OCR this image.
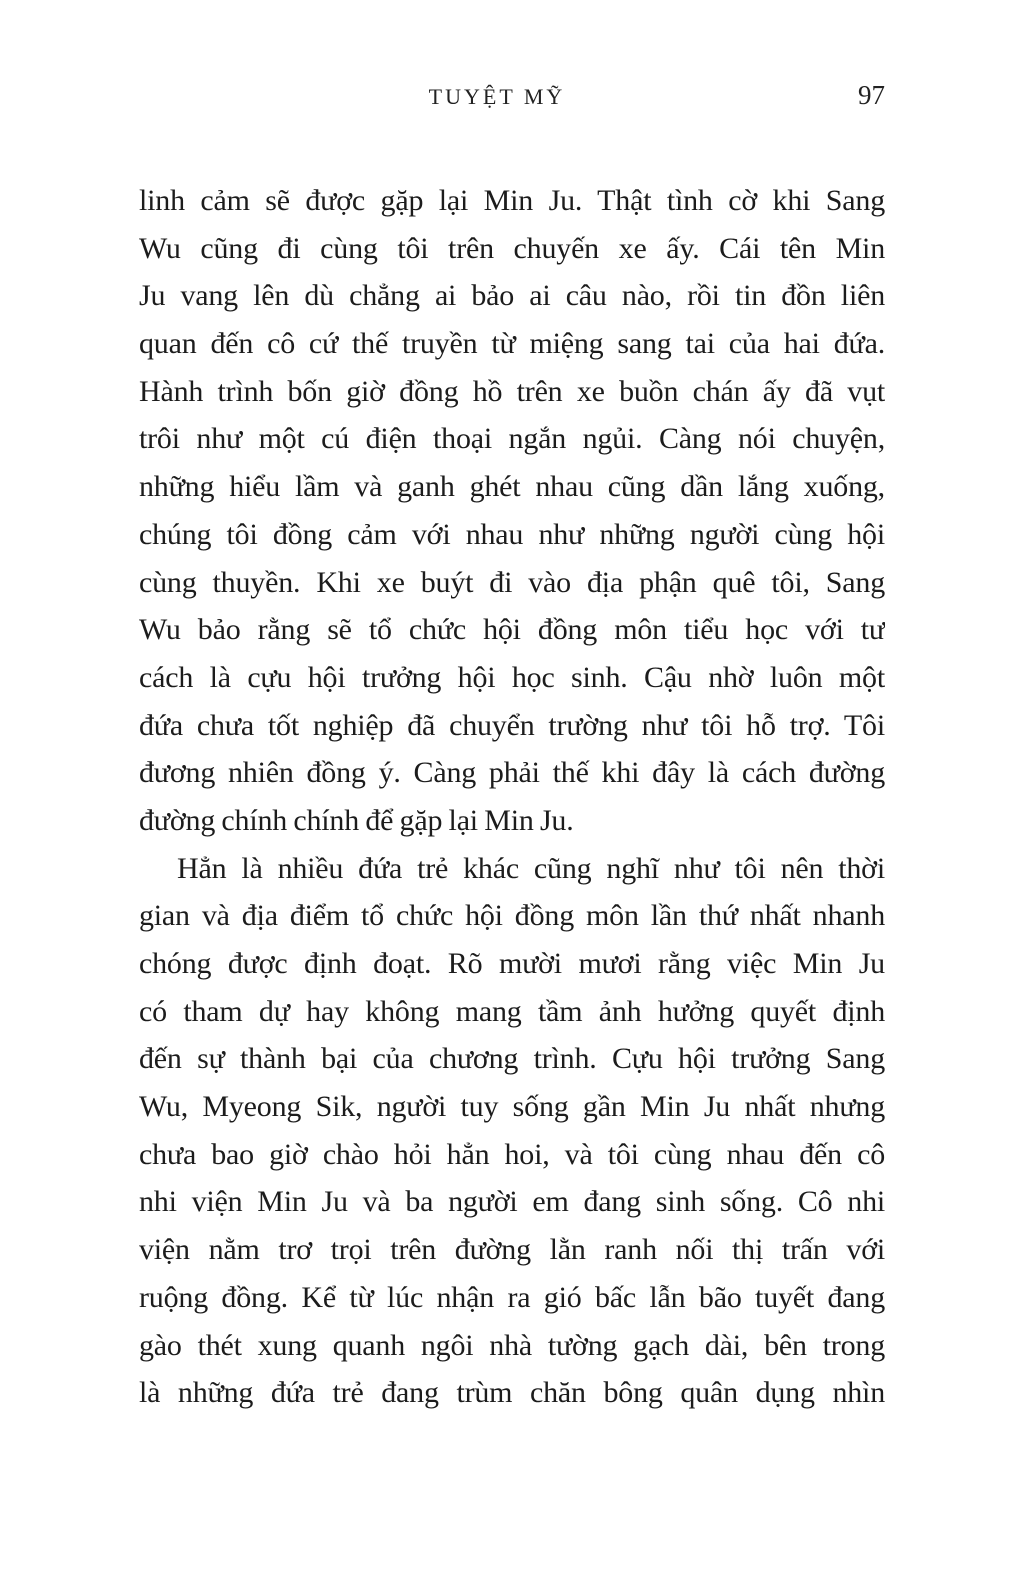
TUYỆT MỸ	97
linh cảm sẽ được gặp lại Min Ju. Thật tình cờ khi Sang
Wu cũng đi cùng tôi trên chuyến xe ấy. Cái tên Min
Ju vang lên dù chẳng ai bảo ai câu nào, rồi tin đồn liên
quan đến cô cứ thế truyền từ miệng sang tai của hai đứa.
Hành trình bốn giờ đồng hồ trên xe buồn chán ấy đã vụt
trôi như một cú điện thoại ngắn ngủi. Càng nói chuyện,
những hiểu lầm và ganh ghét nhau cũng dần lắng xuống,
chúng tôi đồng cảm với nhau như những người cùng hội
cùng thuyền. Khi xe buýt đi vào địa phận quê tôi, Sang
Wu bảo rằng sẽ tổ chức hội đồng môn tiểu học với tư
cách là cựu hội trưởng hội học sinh. Cậu nhờ luôn một
đứa chưa tốt nghiệp đã chuyển trường như tôi hỗ trợ. Tôi
đương nhiên đồng ý. Càng phải thế khi đây là cách đường
đường chính chính để gặp lại Min Ju.
Hẳn là nhiều đứa trẻ khác cũng nghĩ như tôi nên thời
gian và địa điểm tổ chức hội đồng môn lần thứ nhất nhanh
chóng được định đoạt. Rõ mười mươi rằng việc Min Ju
có tham dự hay không mang tầm ảnh hưởng quyết định
đến sự thành bại của chương trình. Cựu hội trưởng Sang
Wu, Myeong Sik, người tuy sống gần Min Ju nhất nhưng
chưa bao giờ chào hỏi hẳn hoi, và tôi cùng nhau đến cô
nhi viện Min Ju và ba người em đang sinh sống. Cô nhi
viện nằm trơ trọi trên đường lằn ranh nối thị trấn với
ruộng đồng. Kể từ lúc nhận ra gió bấc lẫn bão tuyết đang
gào thét xung quanh ngôi nhà tường gạch dài, bên trong
là những đứa trẻ đang trùm chăn bông quân dụng nhìn
